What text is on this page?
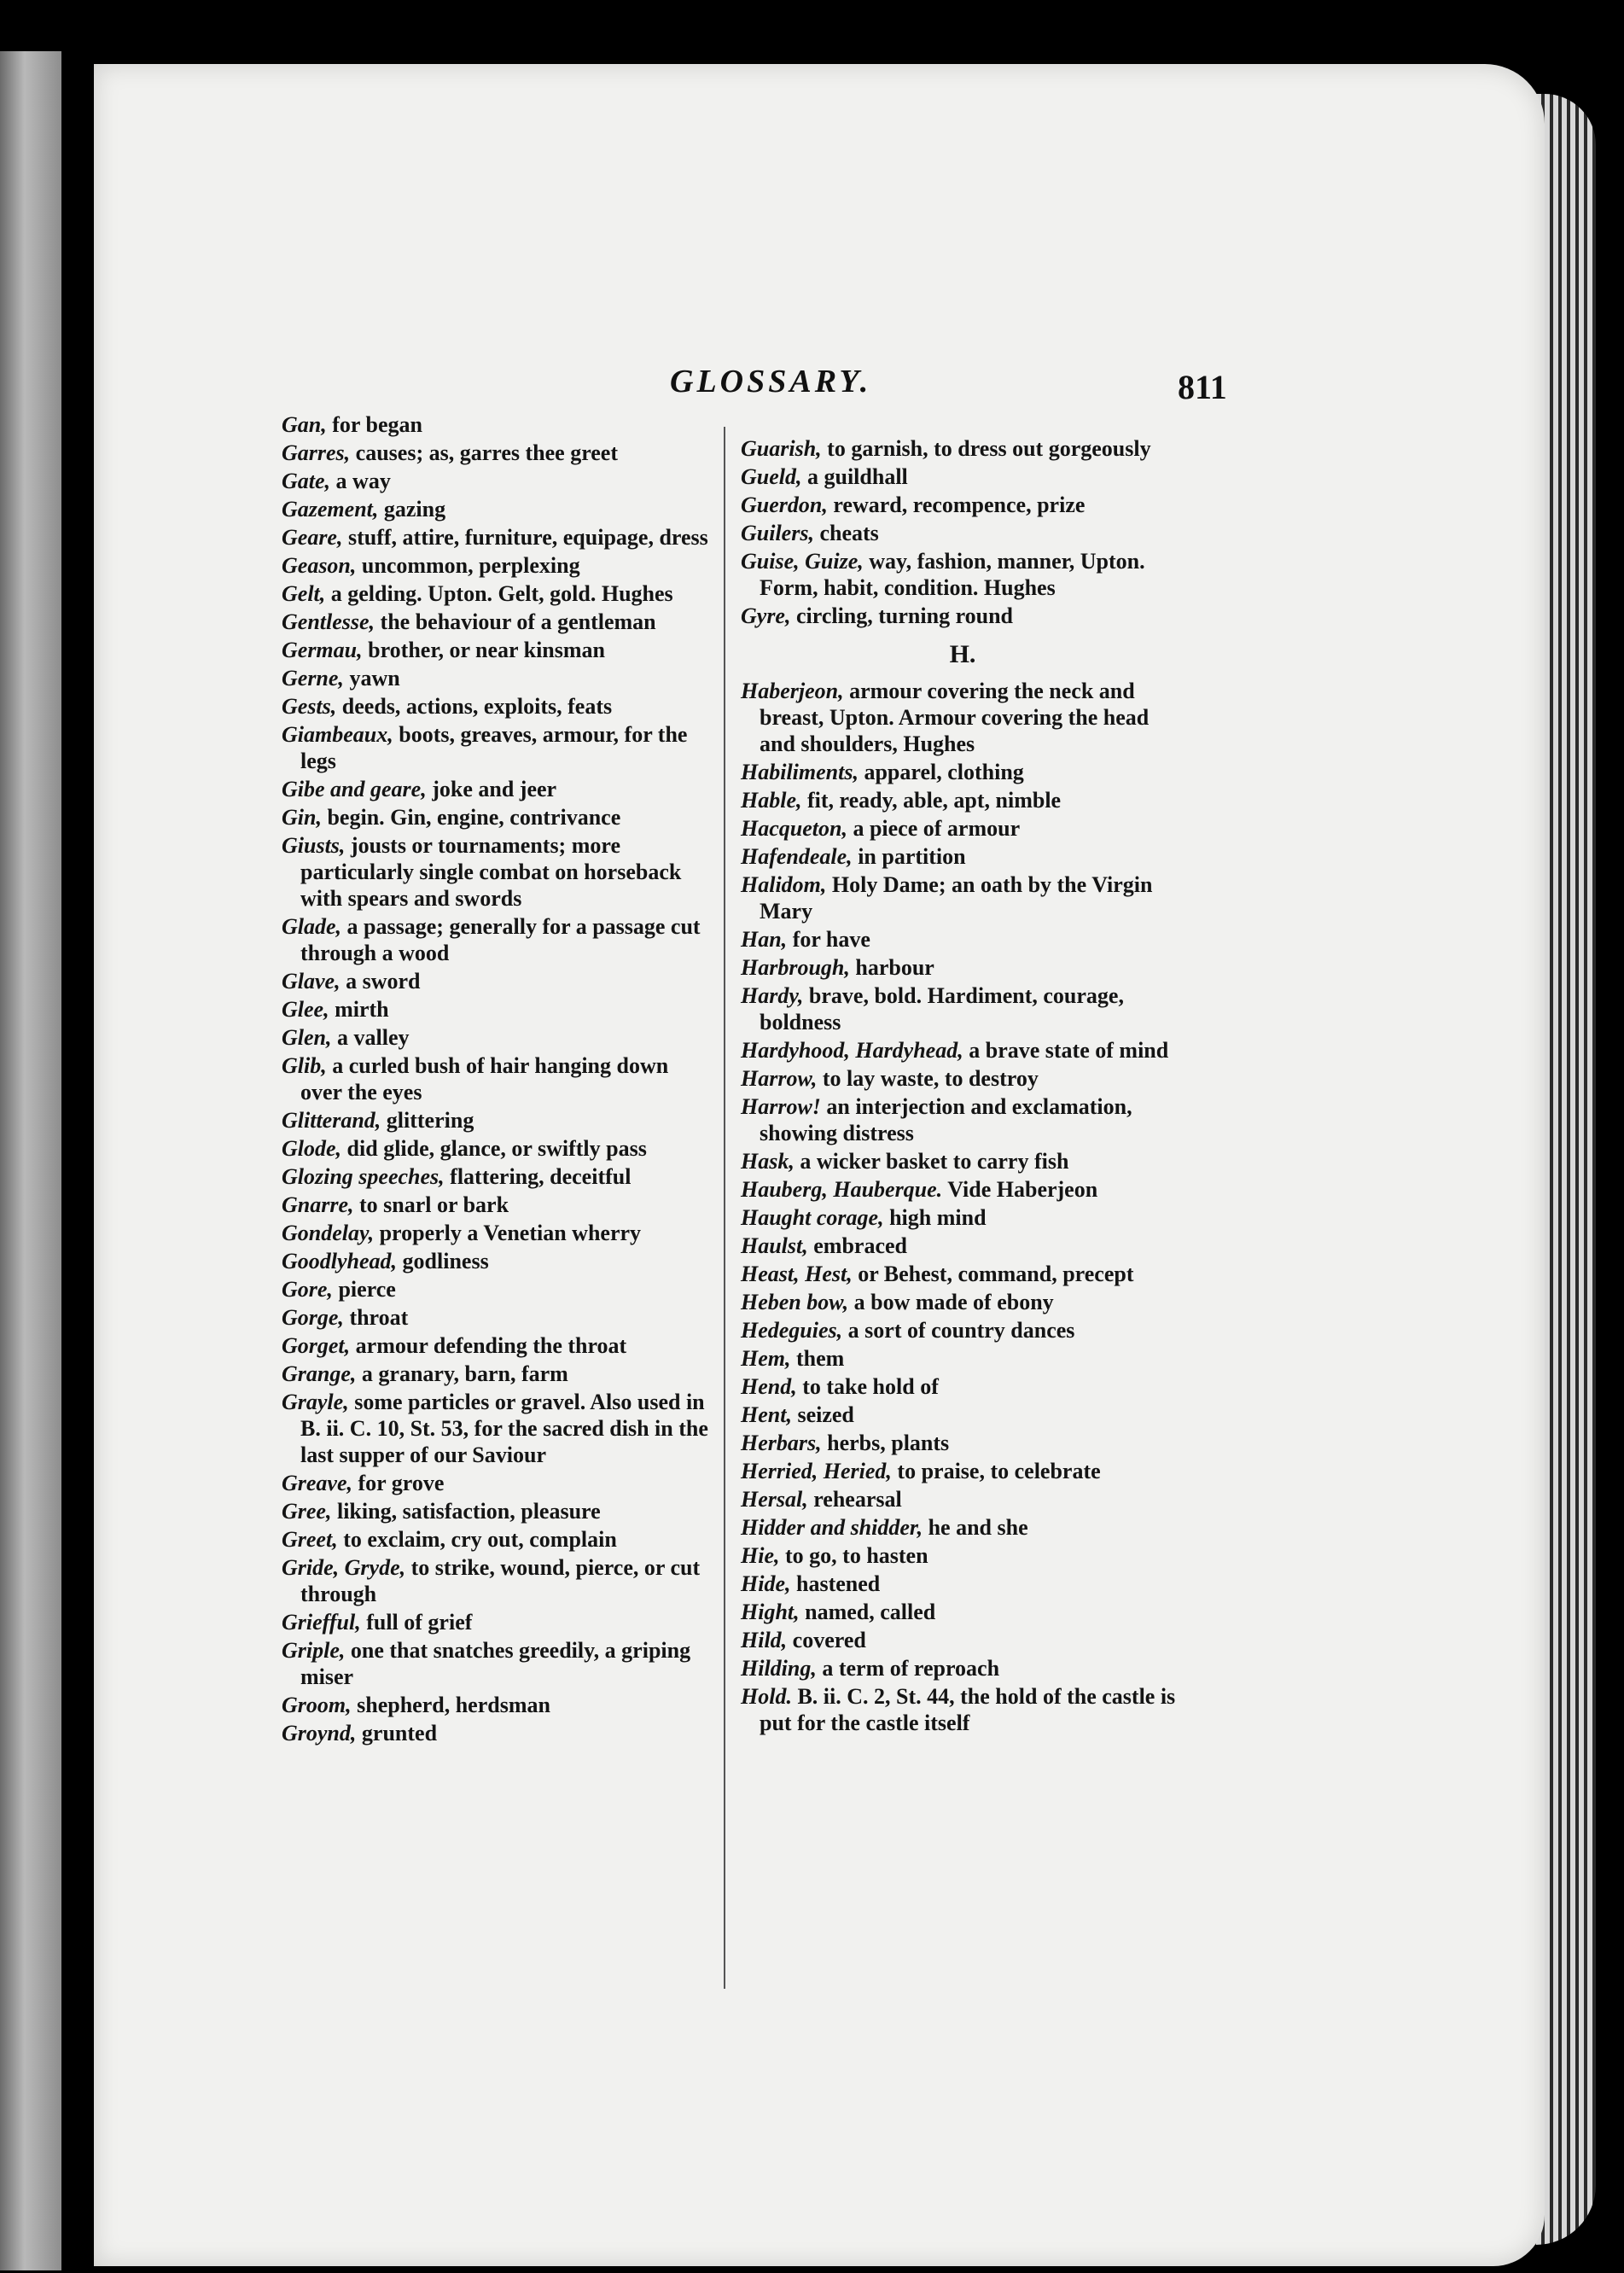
GLOSSARY.	811
Gan, for began
Garres, causes; as, garres thee greet
Gate, a way
Gazement, gazing
Geare, stuff, attire, furniture, equipage, dress
Geason, uncommon, perplexing
Gelt, a gelding. Upton. Gelt, gold. Hughes
Gentlesse, the behaviour of a gentleman
Germau, brother, or near kinsman
Gerne, yawn
Gests, deeds, actions, exploits, feats
Giambeaux, boots, greaves, armour, for the legs
Gibe and geare, joke and jeer
Gin, begin. Gin, engine, contrivance
Giusts, jousts or tournaments; more particularly single combat on horseback with spears and swords
Glade, a passage; generally for a passage cut through a wood
Glave, a sword
Glee, mirth
Glen, a valley
Glib, a curled bush of hair hanging down over the eyes
Glitterand, glittering
Glode, did glide, glance, or swiftly pass
Glozing speeches, flattering, deceitful
Gnarre, to snarl or bark
Gondelay, properly a Venetian wherry
Goodlyhead, godliness
Gore, pierce
Gorge, throat
Gorget, armour defending the throat
Grange, a granary, barn, farm
Grayle, some particles or gravel. Also used in B. ii. C. 10, St. 53, for the sacred dish in the last supper of our Saviour
Greave, for grove
Gree, liking, satisfaction, pleasure
Greet, to exclaim, cry out, complain
Gride, Gryde, to strike, wound, pierce, or cut through
Griefful, full of grief
Griple, one that snatches greedily, a griping miser
Groom, shepherd, herdsman
Groynd, grunted
Guarish, to garnish, to dress out gorgeously
Gueld, a guildhall
Guerdon, reward, recompence, prize
Guilers, cheats
Guise, Guize, way, fashion, manner, Upton. Form, habit, condition. Hughes
Gyre, circling, turning round
H.
Haberjeon, armour covering the neck and breast, Upton. Armour covering the head and shoulders, Hughes
Habiliments, apparel, clothing
Hable, fit, ready, able, apt, nimble
Hacqueton, a piece of armour
Hafendeale, in partition
Halidom, Holy Dame; an oath by the Virgin Mary
Han, for have
Harbrough, harbour
Hardy, brave, bold. Hardiment, courage, boldness
Hardyhood, Hardyhead, a brave state of mind
Harrow, to lay waste, to destroy
Harrow! an interjection and exclamation, showing distress
Hask, a wicker basket to carry fish
Hauberg, Hauberque. Vide Haberjeon
Haught corage, high mind
Haulst, embraced
Heast, Hest, or Behest, command, precept
Heben bow, a bow made of ebony
Hedeguies, a sort of country dances
Hem, them
Hend, to take hold of
Hent, seized
Herbars, herbs, plants
Herried, Heried, to praise, to celebrate
Hersal, rehearsal
Hidder and shidder, he and she
Hie, to go, to hasten
Hide, hastened
Hight, named, called
Hild, covered
Hilding, a term of reproach
Hold. B. ii. C. 2, St. 44, the hold of the castle is put for the castle itself
